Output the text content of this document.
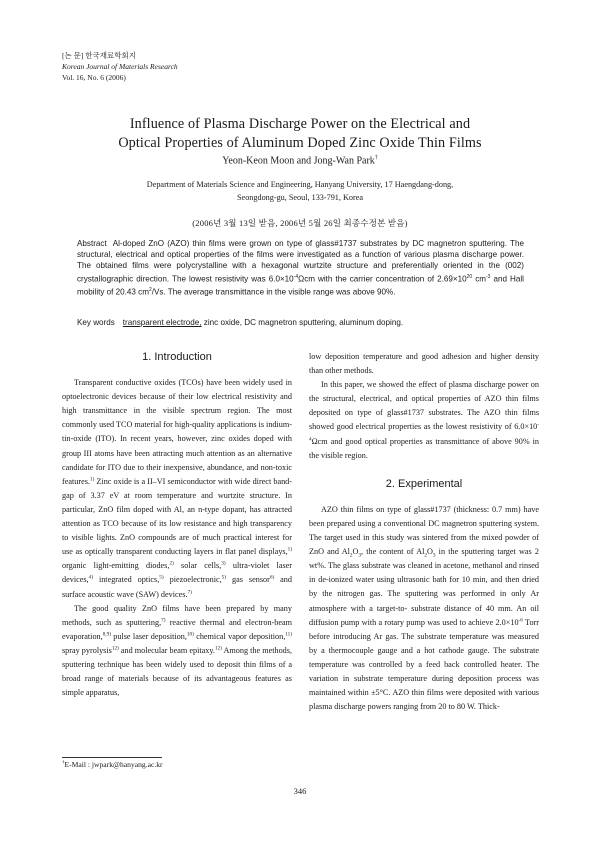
[논 문] 한국재료학회지
Korean Journal of Materials Research
Vol. 16, No. 6 (2006)
Influence of Plasma Discharge Power on the Electrical and
Optical Properties of Aluminum Doped Zinc Oxide Thin Films
Yeon-Keon Moon and Jong-Wan Park†
Department of Materials Science and Engineering, Hanyang University, 17 Haengdang-dong,
Seongdong-gu, Seoul, 133-791, Korea
(2006년 3월 13일 받음, 2006년 5월 26일 최종수정본 받음)
Abstract Al-doped ZnO (AZO) thin films were grown on type of glass#1737 substrates by DC magnetron sputtering. The structural, electrical and optical properties of the films were investigated as a function of various plasma discharge power. The obtained films were polycrystalline with a hexagonal wurtzite structure and preferentially oriented in the (002) crystallographic direction. The lowest resistivity was $6.0\times 10^{-4}\Omega cm$ with the carrier concentration of $2.69\times 10^{20}$ $cm^{-3}$ and Hall mobility of 20.43 $cm^2/Vs$. The average transmittance in the visible range was above 90%.
Key words transparent electrode, zinc oxide, DC magnetron sputtering, aluminum doping.
1. Introduction

Transparent conductive oxides (TCOs) have been widely used in optoelectronic devices because of their low electrical resistivity and high transmittance in the visible spectrum region. The most commonly used TCO material for high-quality applications is indium-tin-oxide (ITO). In recent years, however, zinc oxides doped with group III atoms have been attracting much attention as an alternative candidate for ITO due to their inexpensive, abundance, and non-toxic features.$^{1)}$ Zinc oxide is a II–VI semiconductor with wide direct band-gap of 3.37 eV at room temperature and wurtzite structure. In particular, ZnO film doped with Al, an n-type dopant, has attracted attention as TCO because of its low resistance and high transparency to visible lights. ZnO compounds are of much practical interest for use as optically transparent conducting layers in flat panel displays,$^{1)}$ organic light-emitting diodes,$^{2)}$ solar cells,$^{3)}$ ultra-violet laser devices,$^{4)}$ integrated optics,$^{5)}$ piezoelectronic,$^{5)}$ gas sensor$^{6)}$ and surface acoustic wave (SAW) devices.$^{7)}$

The good quality ZnO films have been prepared by many methods, such as sputtering,$^{7)}$ reactive thermal and electron-beam evaporation,$^{8,9)}$ pulse laser deposition,$^{10)}$ chemical vapor deposition,$^{11)}$ spray pyrolysis$^{12)}$ and molecular beam epitaxy.$^{12)}$ Among the methods, sputtering technique has been widely used to deposit thin films of a broad range of materials because of its advantageous features as simple apparatus,

low deposition temperature and good adhesion and higher density than other methods.

In this paper, we showed the effect of plasma discharge power on the structural, electrical, and optical properties of AZO thin films deposited on type of glass#1737 substrates. The AZO thin films showed good electrical properties as the lowest resistivity of $6.0\times 10^{-4}\Omega cm$ and good optical properties as transmittance of above 90% in the visible region.

2. Experimental

AZO thin films on type of glass#1737 (thickness: 0.7 mm) have been prepared using a conventional DC magnetron sputtering system. The target used in this study was sintered from the mixed powder of ZnO and $Al_2O_3$, the content of $Al_2O_3$ in the sputtering target was 2 wt%. The glass substrate was cleaned in acetone, methanol and rinsed in de-ionized water using ultrasonic bath for 10 min, and then dried by the nitrogen gas. The sputtering was performed in only Ar atmosphere with a target-to- substrate distance of 40 mm. An oil diffusion pump with a rotary pump was used to achieve $2.0\times 10^{-6}$ Torr before introducing Ar gas. The substrate temperature was measured by a thermocouple gauge and a hot cathode gauge. The substrate temperature was controlled by a feed back controlled heater. The variation in substrate temperature during deposition process was maintained within ±5°C. AZO thin films were deposited with various plasma discharge powers ranging from 20 to 80 W. Thick-

†E-Mail : jwpark@hanyang.ac.kr
346
